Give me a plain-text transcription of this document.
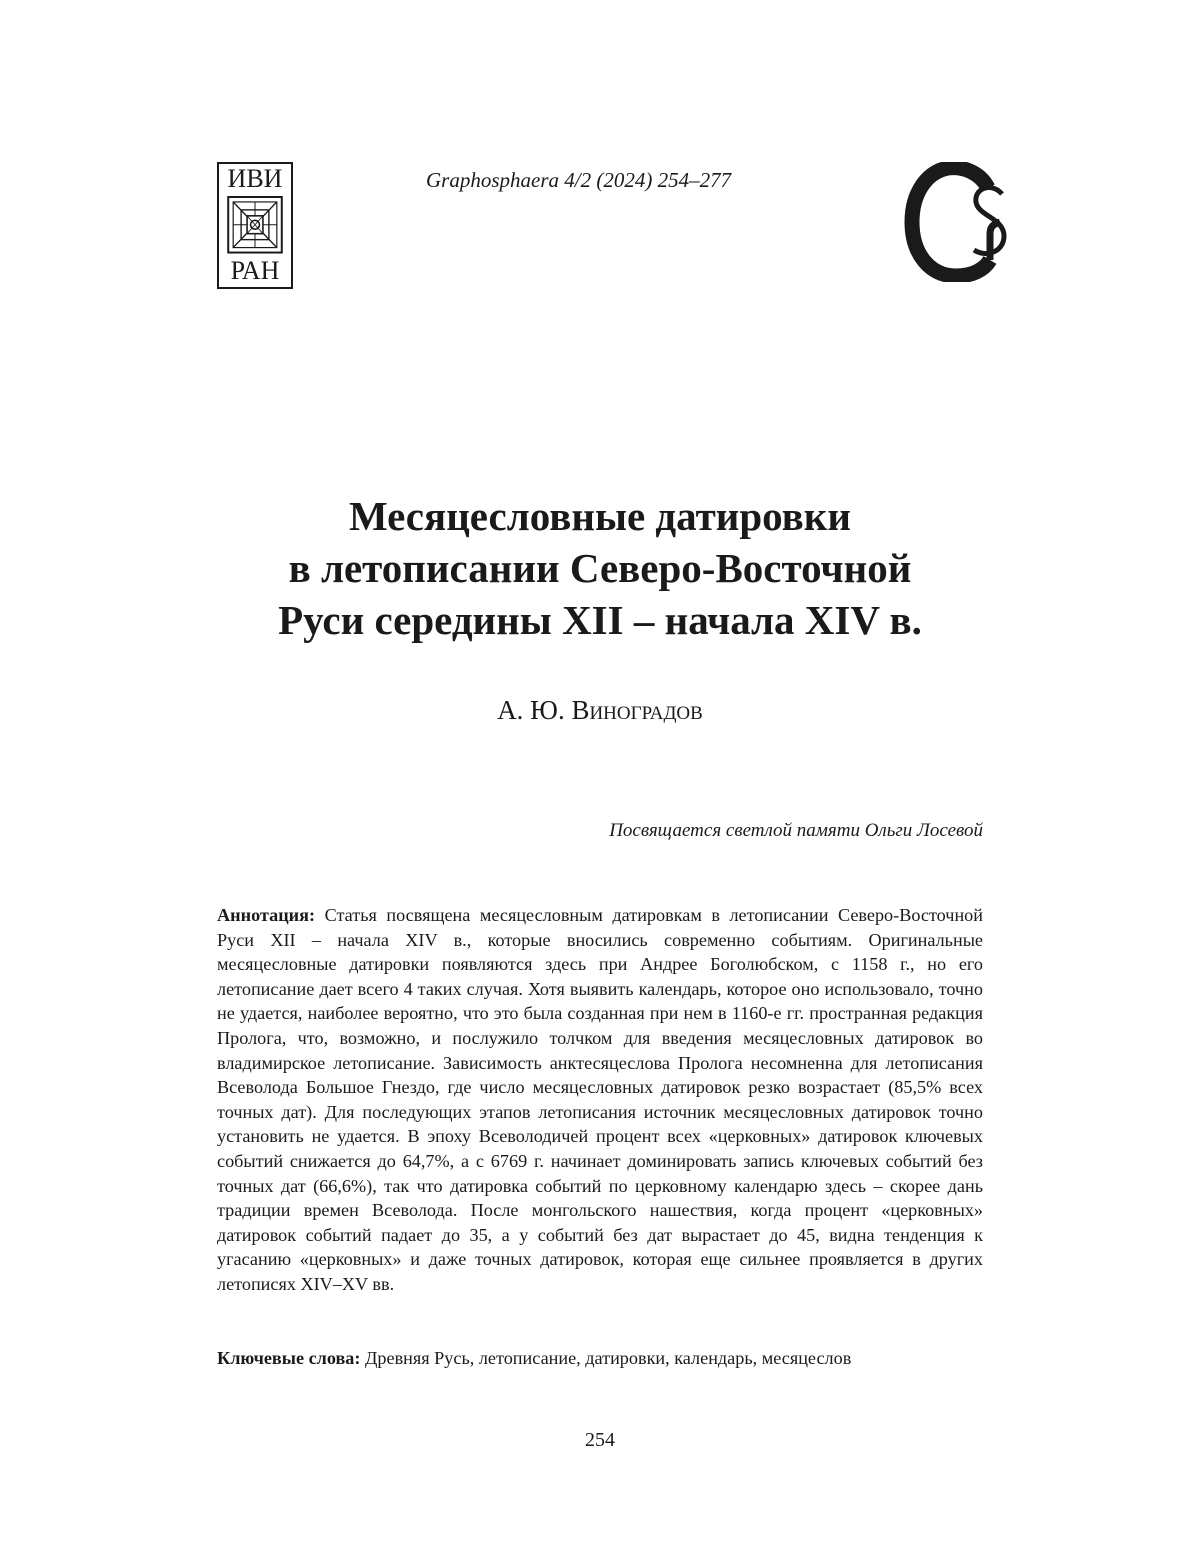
ИВИ
РАН
Graphosphaera 4/2 (2024) 254–277
Месяцесловные датировки
в летописании Северо-Восточной
Руси середины XII – начала XIV в.
А. Ю. Виноградов
Посвящается светлой памяти Ольги Лосевой
Аннотация: Статья посвящена месяцесловным датировкам в летописании Северо-Восточной Руси XII – начала XIV в., которые вносились современно событиям. Оригинальные месяцесловные датировки появляются здесь при Андрее Боголюбском, с 1158 г., но его летописание дает всего 4 таких случая. Хотя выявить календарь, которое оно использовало, точно не удается, наиболее вероятно, что это была созданная при нем в 1160-е гг. пространная редакция Пролога, что, возможно, и послужило толчком для введения месяцесловных датировок во владимирское летописание. Зависимость анктесяцеслова Пролога несомненна для летописания Всеволода Большое Гнездо, где число месяцесловных датировок резко возрастает (85,5% всех точных дат). Для последующих этапов летописания источник месяцесловных датировок точно установить не удается. В эпоху Всеволодичей процент всех «церковных» датировок ключевых событий снижается до 64,7%, а с 6769 г. начинает доминировать запись ключевых событий без точных дат (66,6%), так что датировка событий по церковному календарю здесь – скорее дань традиции времен Всеволода. После монгольского нашествия, когда процент «церковных» датировок событий падает до 35, а у событий без дат вырастает до 45, видна тенденция к угасанию «церковных» и даже точных датировок, которая еще сильнее проявляется в других летописях XIV–XV вв.
Ключевые слова: Древняя Русь, летописание, датировки, календарь, месяцеслов
254
